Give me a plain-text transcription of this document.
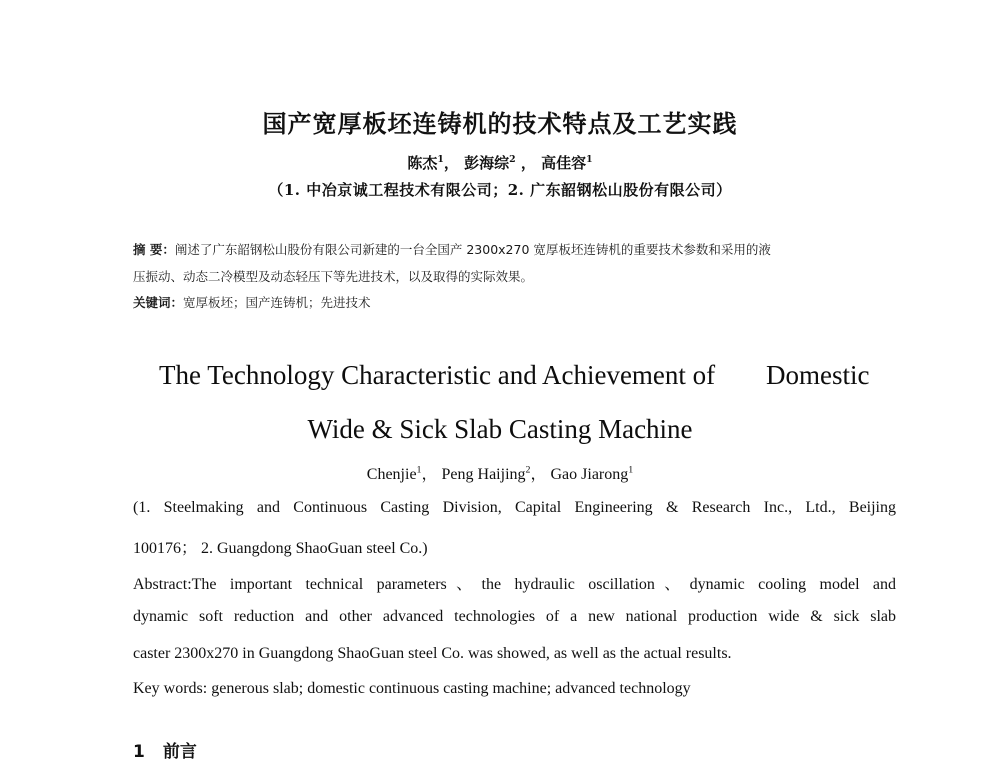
国产宽厚板坯连铸机的技术特点及工艺实践
陈杰$^1$， 彭海综$^2$ ， 高佳容$^1$
（1. 中冶京诚工程技术有限公司；2. 广东韶钢松山股份有限公司）
摘 要：阐述了广东韶钢松山股份有限公司新建的一台全国产 2300x270 宽厚板坯连铸机的重要技术参数和采用的液
压振动、动态二冷模型及动态轻压下等先进技术，以及取得的实际效果。
关键词：宽厚板坯；国产连铸机；先进技术
The Technology Characteristic and Achievement of Domestic
Wide & Sick Slab Casting Machine
Chenjie$^1$， Peng Haijing$^2$， Gao Jiarong$^1$
(1. Steelmaking and Continuous Casting Division, Capital Engineering & Research Inc., Ltd., Beijing
100176； 2. Guangdong ShaoGuan steel Co.)
Abstract:The important technical parameters、the hydraulic oscillation、dynamic cooling model and
dynamic soft reduction and other advanced technologies of a new national production wide & sick slab
caster 2300x270 in Guangdong ShaoGuan steel Co. was showed, as well as the actual results.
Key words: generous slab; domestic continuous casting machine; advanced technology
1 前言
